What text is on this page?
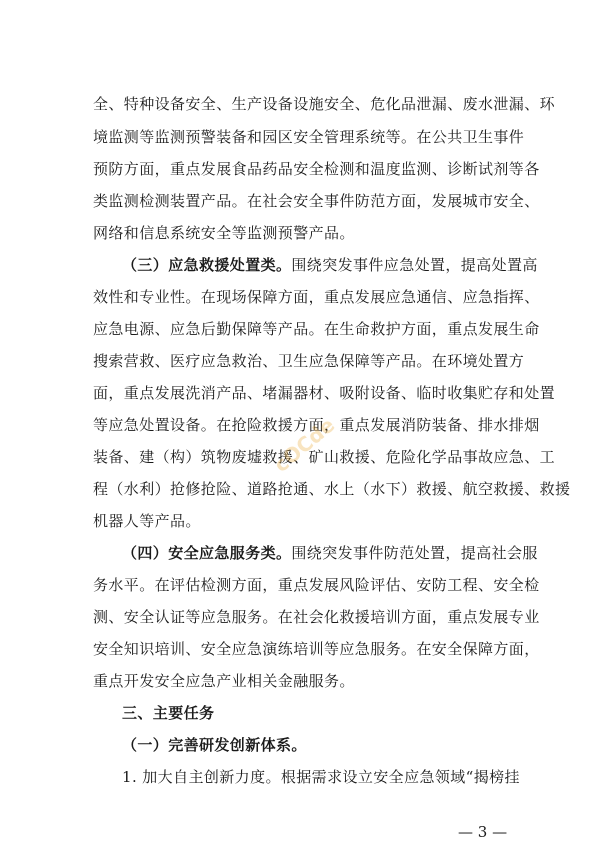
全、特种设备安全、生产设备设施安全、危化品泄漏、废水泄漏、环
境监测等监测预警装备和园区安全管理系统等。在公共卫生事件
预防方面，重点发展食品药品安全检测和温度监测、诊断试剂等各
类监测检测装置产品。在社会安全事件防范方面，发展城市安全、
网络和信息系统安全等监测预警产品。
（三）应急救援处置类。 围绕突发事件应急处置，提高处置高
效性和专业性。在现场保障方面，重点发展应急通信、应急指挥、
应急电源、应急后勤保障等产品。在生命救护方面，重点发展生命
搜索营救、医疗应急救治、卫生应急保障等产品。在环境处置方
面，重点发展洗消产品、堵漏器材、吸附设备、临时收集贮存和处置
等应急处置设备。在抢险救援方面，重点发展消防装备、排水排烟
装备、建（构）筑物废墟救援、矿山救援、危险化学品事故应急、工
程（水利）抢修抢险、道路抢通、水上（水下）救援、航空救援、救援
机器人等产品。
（四）安全应急服务类。 围绕突发事件防范处置，提高社会服
务水平。在评估检测方面，重点发展风险评估、安防工程、安全检
测、安全认证等应急服务。在社会化救援培训方面，重点发展专业
安全知识培训、安全应急演练培训等应急服务。在安全保障方面，
重点开发安全应急产业相关金融服务。
三、主要任务
（一）完善研发创新体系。
1. 加大自主创新力度。根据需求设立安全应急领域“揭榜挂
— 3 —
cOCde
